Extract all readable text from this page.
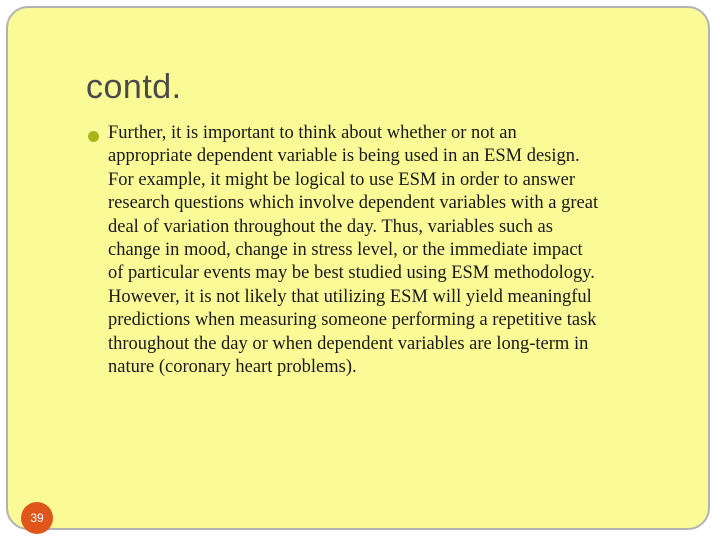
contd.
Further, it is important to think about whether or not an
appropriate dependent variable is being used in an ESM design.
For example, it might be logical to use ESM in order to answer
research questions which involve dependent variables with a great
deal of variation throughout the day. Thus, variables such as
change in mood, change in stress level, or the immediate impact
of particular events may be best studied using ESM methodology.
However, it is not likely that utilizing ESM will yield meaningful
predictions when measuring someone performing a repetitive task
throughout the day or when dependent variables are long-term in
nature (coronary heart problems).
39
